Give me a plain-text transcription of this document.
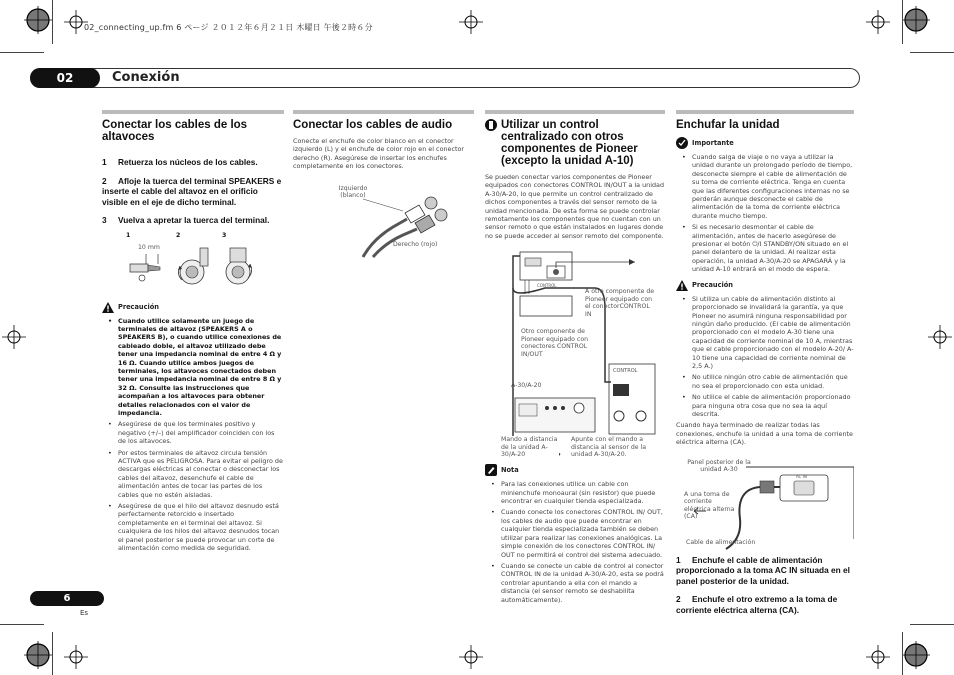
02_connecting_up.fm 6 ページ ２０１２年６月２１日 木曜日 午後２時６分
02	Conexión
Conectar los cables de los altavoces
1 Retuerza los núcleos de los cables.
2	Afloje la tuerca del terminal SPEAKERS e inserte el cable del altavoz en el orificio visible en el eje de dicho terminal.
3 Vuelva a apretar la tuerca del terminal.
1	2	3
10 mm
Precaución
• Cuando utilice solamente un juego de terminales de altavoz (SPEAKERS A o SPEAKERS B), o cuando utilice conexiones de cableado doble, el altavoz utilizado debe tener una impedancia nominal de entre 4 Ω y 16 Ω. Cuando utilice ambos juegos de terminales, los altavoces conectados deben tener una impedancia nominal de entre 8 Ω y 32 Ω. Consulte las instrucciones que acompañan a los altavoces para obtener detalles relacionados con el valor de impedancia.
• Asegúrese de que los terminales positivo y negativo (+/–) del amplificador coinciden con los de los altavoces.
• Por estos terminales de altavoz circula tensión ACTIVA que es PELIGROSA. Para evitar el peligro de descargas eléctricas al conectar o desconectar los cables del altavoz, desenchufe el cable de alimentación antes de tocar las partes de los cables que no estén aisladas.
• Asegúrese de que el hilo del altavoz desnudo está perfectamente retorcido e insertado completamente en el terminal del altavoz. Si cualquiera de los hilos del altavoz desnudos tocan el panel posterior se puede provocar un corte de alimentación como medida de seguridad.
Conectar los cables de audio

Conecte el enchufe de color blanco en el conector izquierdo (L) y el enchufe de color rojo en el conector derecho (R). Asegúrese de insertar los enchufes completamente en los conectores.

Izquierdo (blanco)
Derecho (rojo)
Utilizar un control centralizado con otros componentes de Pioneer (excepto la unidad A-10)

Se pueden conectar varios componentes de Pioneer equipados con conectores CONTROL IN/OUT a la unidad A-30/A-20, lo que permite un control centralizado de dichos componentes a través del sensor remoto de la unidad mencionada. De esta forma se puede controlar remotamente los componentes que no cuentan con un sensor remoto o que están instalados en lugares donde no se puede acceder al sensor remoto del componente.

CONTROL
CONTROL
A otro componente de Pioneer equipado con el conectorCONTROL IN
Otro componente de Pioneer equipado con conectores CONTROL IN/OUT
A-30/A-20
Mando a distancia de la unidad A-30/A-20
Apunte con el mando a distancia al sensor de la unidad A-30/A-20.
Nota
• Para las conexiones utilice un cable con minienchufe monoaural (sin resistor) que puede encontrar en cualquier tienda especializada.
• Cuando conecte los conectores CONTROL IN/ OUT, los cables de audio que puede encontrar en cualquier tienda especializada también se deben utilizar para realizar las conexiones analógicas. La simple conexión de los conectores CONTROL IN/ OUT no permitirá el control del sistema adecuado.
• Cuando se conecte un cable de control al conector CONTROL IN de la unidad A-30/A-20, esta se podrá controlar apuntando a ella con el mando a distancia (el sensor remoto se deshabilita automáticamente).
Enchufar la unidad
Importante
• Cuando salga de viaje o no vaya a utilizar la unidad durante un prolongado período de tiempo, desconecte siempre el cable de alimentación de su toma de corriente eléctrica. Tenga en cuenta que las diferentes configuraciones internas no se perderán aunque desconecte el cable de alimentación de la toma de corriente eléctrica durante mucho tiempo.
• Si es necesario desmontar el cable de alimentación, antes de hacerlo asegúrese de presionar el botón ⏻/I STANDBY/ON situado en el panel delantero de la unidad. Al realizar esta operación, la unidad A-30/A-20 se APAGARÁ y la unidad A-10 entrará en el modo de espera.
Precaución
• Si utiliza un cable de alimentación distinto al proporcionado se invalidará la garantía, ya que Pioneer no asumirá ninguna responsabilidad por ningún daño producido. (El cable de alimentación proporcionado con el modelo A-30 tiene una capacidad de corriente nominal de 10 A, mientras que el cable proporcionado con el modelo A-20/ A-10 tiene una capacidad de corriente nominal de 2,5 A.)
• No utilice ningún otro cable de alimentación que no sea el proporcionado con esta unidad.
• No utilice el cable de alimentación proporcionado para ninguna otra cosa que no sea la aquí descrita.

Cuando haya terminado de realizar todas las conexiones, enchufe la unidad a una toma de corriente eléctrica alterna (CA).

Panel posterior de la unidad A-30
AC IN
A una toma de corriente eléctrica alterna (CA)
Cable de alimentación
1	Enchufe el cable de alimentación proporcionado a la toma AC IN situada en el panel posterior de la unidad.
2	Enchufe el otro extremo a la toma de corriente eléctrica alterna (CA).
6
Es
